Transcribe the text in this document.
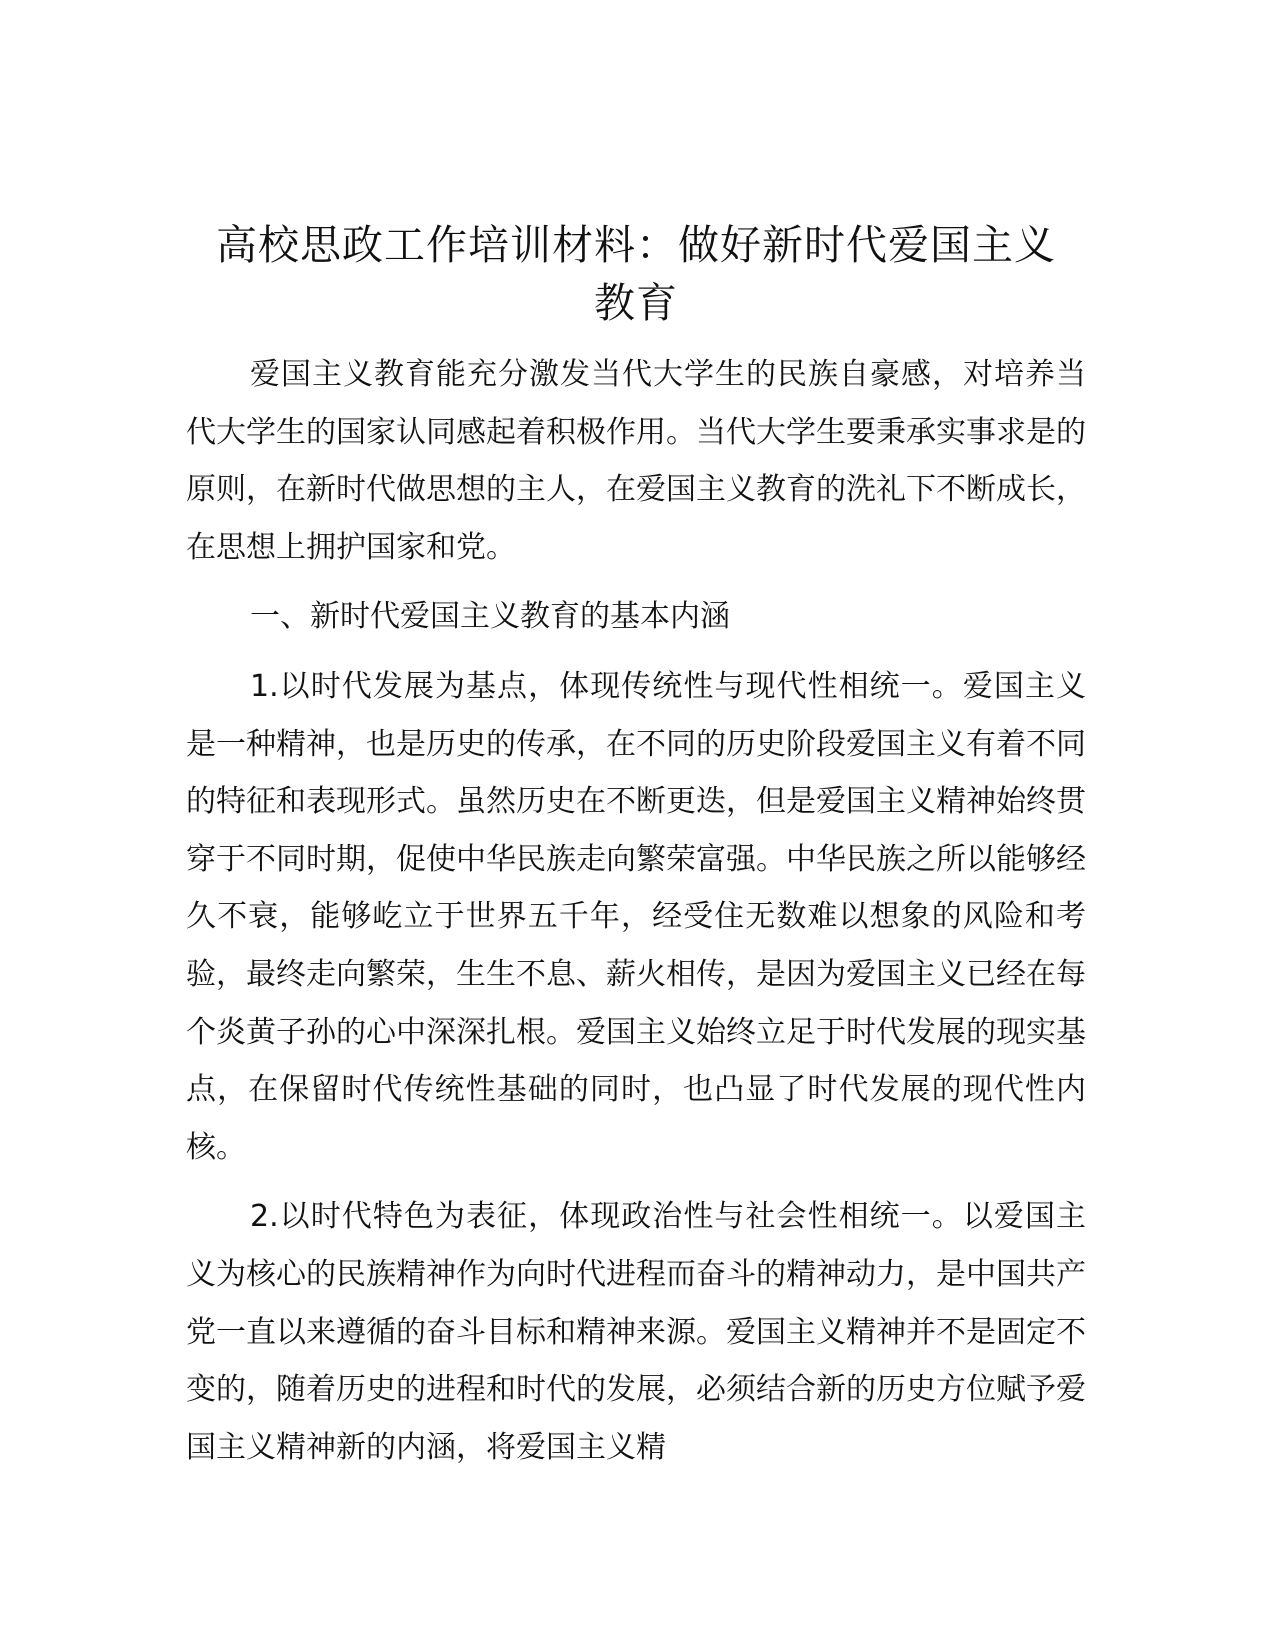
高校思政工作培训材料：做好新时代爱国主义
教育

爱国主义教育能充分激发当代大学生的民族自豪感，对培养当代大学生的国家认同感起着积极作用。当代大学生要秉承实事求是的原则，在新时代做思想的主人，在爱国主义教育的洗礼下不断成长，在思想上拥护国家和党。

一、新时代爱国主义教育的基本内涵

1.以时代发展为基点，体现传统性与现代性相统一。爱国主义是一种精神，也是历史的传承，在不同的历史阶段爱国主义有着不同的特征和表现形式。虽然历史在不断更迭，但是爱国主义精神始终贯穿于不同时期，促使中华民族走向繁荣富强。中华民族之所以能够经久不衰，能够屹立于世界五千年，经受住无数难以想象的风险和考验，最终走向繁荣，生生不息、薪火相传，是因为爱国主义已经在每个炎黄子孙的心中深深扎根。爱国主义始终立足于时代发展的现实基点，在保留时代传统性基础的同时，也凸显了时代发展的现代性内核。

2.以时代特色为表征，体现政治性与社会性相统一。以爱国主义为核心的民族精神作为向时代进程而奋斗的精神动力，是中国共产党一直以来遵循的奋斗目标和精神来源。爱国主义精神并不是固定不变的，随着历史的进程和时代的发展，必须结合新的历史方位赋予爱国主义精神新的内涵，将爱国主义精
